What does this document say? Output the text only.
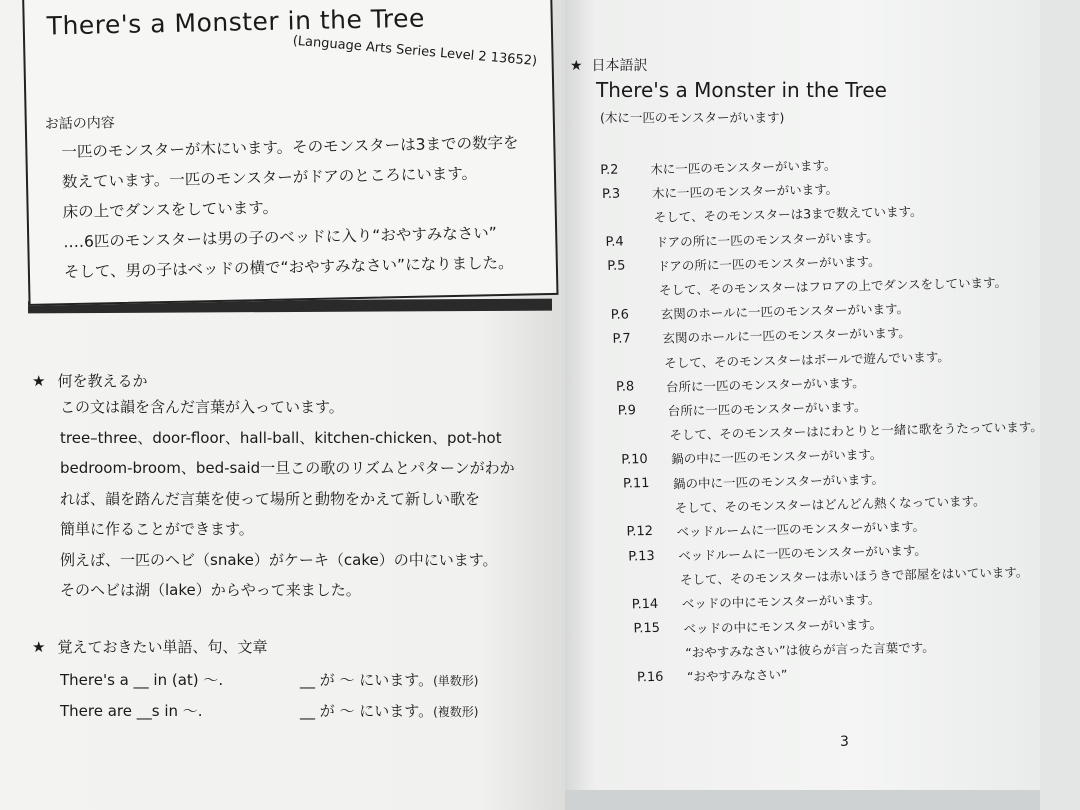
There's a Monster in the Tree
(Language Arts Series Level 2 13652)
お話の内容
一匹のモンスターが木にいます。そのモンスターは3までの数字を
数えています。一匹のモンスターがドアのところにいます。
床の上でダンスをしています。
‥‥6匹のモンスターは男の子のベッドに入り“おやすみなさい”
そして、男の子はベッドの横で“おやすみなさい”になりました。
★ 何を教えるか
この文は韻を含んだ言葉が入っています。
tree–three、door-floor、hall-ball、kitchen-chicken、pot-hot
bedroom-broom、bed-said一旦この歌のリズムとパターンがわか
れば、韻を踏んだ言葉を使って場所と動物をかえて新しい歌を
簡単に作ることができます。
例えば、一匹のヘビ（snake）がケーキ（cake）の中にいます。
そのヘビは湖（lake）からやって来ました。
★ 覚えておきたい単語、句、文章
There's a __ in (at) ～.	__ が ～ にいます。(単数形)
There are __s in ～.	__ が ～ にいます。(複数形)
★ 日本語訳
There's a Monster in the Tree
(木に一匹のモンスターがいます)
P.2	木に一匹のモンスターがいます。
P.3	木に一匹のモンスターがいます。
そして、そのモンスターは3まで数えています。
P.4	ドアの所に一匹のモンスターがいます。
P.5	ドアの所に一匹のモンスターがいます。
そして、そのモンスターはフロアの上でダンスをしています。
P.6	玄関のホールに一匹のモンスターがいます。
P.7	玄関のホールに一匹のモンスターがいます。
そして、そのモンスターはボールで遊んでいます。
P.8	台所に一匹のモンスターがいます。
P.9	台所に一匹のモンスターがいます。
そして、そのモンスターはにわとりと一緒に歌をうたっています。
P.10	鍋の中に一匹のモンスターがいます。
P.11	鍋の中に一匹のモンスターがいます。
そして、そのモンスターはどんどん熱くなっています。
P.12	ベッドルームに一匹のモンスターがいます。
P.13	ベッドルームに一匹のモンスターがいます。
そして、そのモンスターは赤いほうきで部屋をはいています。
P.14	ベッドの中にモンスターがいます。
P.15	ベッドの中にモンスターがいます。
“おやすみなさい”は彼らが言った言葉です。
P.16	“おやすみなさい”
3
